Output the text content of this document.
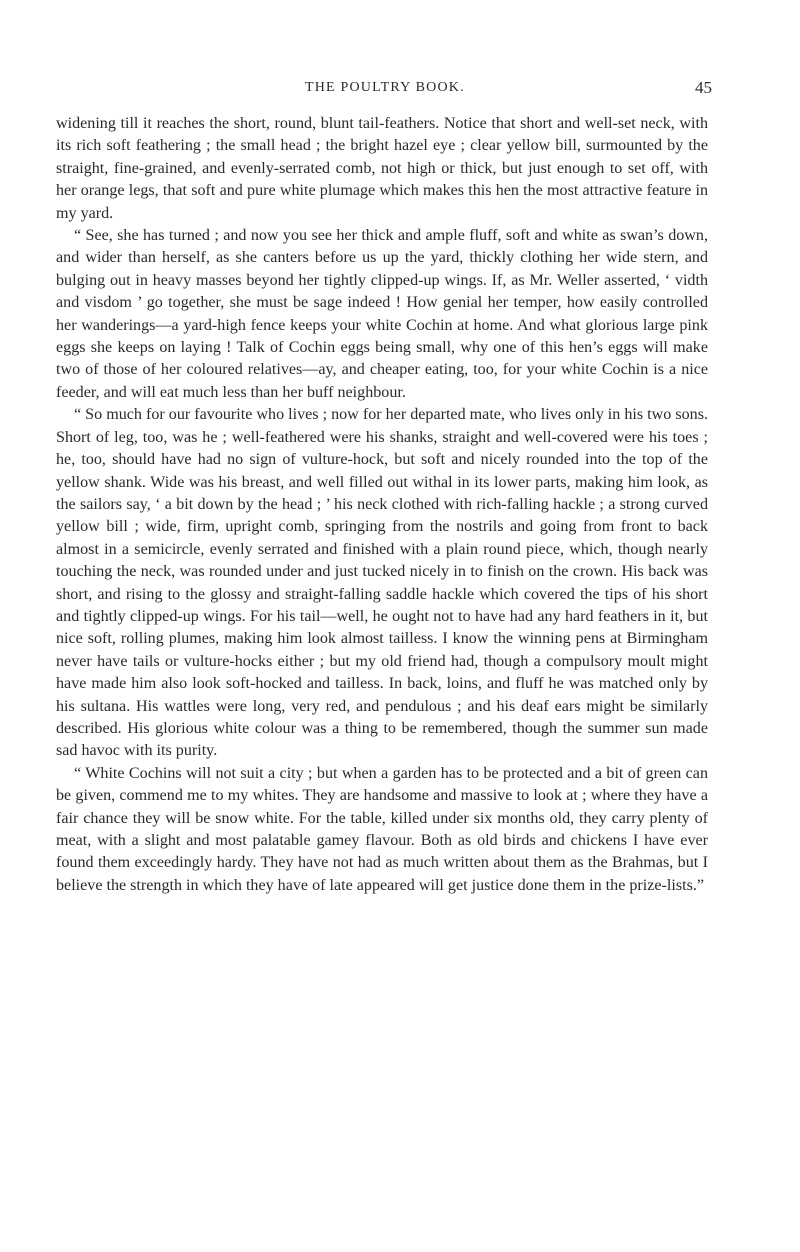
THE POULTRY BOOK.	45

widening till it reaches the short, round, blunt tail-feathers. Notice that short and well-set neck, with its rich soft feathering ; the small head ; the bright hazel eye ; clear yellow bill, surmounted by the straight, fine-grained, and evenly-serrated comb, not high or thick, but just enough to set off, with her orange legs, that soft and pure white plumage which makes this hen the most attractive feature in my yard.

“ See, she has turned ; and now you see her thick and ample fluff, soft and white as swan’s down, and wider than herself, as she canters before us up the yard, thickly clothing her wide stern, and bulging out in heavy masses beyond her tightly clipped-up wings. If, as Mr. Weller asserted, ‘ vidth and visdom ’ go together, she must be sage indeed ! How genial her temper, how easily controlled her wanderings—a yard-high fence keeps your white Cochin at home. And what glorious large pink eggs she keeps on laying ! Talk of Cochin eggs being small, why one of this hen’s eggs will make two of those of her coloured relatives—ay, and cheaper eating, too, for your white Cochin is a nice feeder, and will eat much less than her buff neighbour.

“ So much for our favourite who lives ; now for her departed mate, who lives only in his two sons. Short of leg, too, was he ; well-feathered were his shanks, straight and well-covered were his toes ; he, too, should have had no sign of vulture-hock, but soft and nicely rounded into the top of the yellow shank. Wide was his breast, and well filled out withal in its lower parts, making him look, as the sailors say, ‘ a bit down by the head ; ’ his neck clothed with rich-falling hackle ; a strong curved yellow bill ; wide, firm, upright comb, springing from the nostrils and going from front to back almost in a semicircle, evenly serrated and finished with a plain round piece, which, though nearly touching the neck, was rounded under and just tucked nicely in to finish on the crown. His back was short, and rising to the glossy and straight-falling saddle hackle which covered the tips of his short and tightly clipped-up wings. For his tail—well, he ought not to have had any hard feathers in it, but nice soft, rolling plumes, making him look almost tailless. I know the winning pens at Birmingham never have tails or vulture-hocks either ; but my old friend had, though a compulsory moult might have made him also look soft-hocked and tailless. In back, loins, and fluff he was matched only by his sultana. His wattles were long, very red, and pendulous ; and his deaf ears might be similarly described. His glorious white colour was a thing to be remembered, though the summer sun made sad havoc with its purity.

“ White Cochins will not suit a city ; but when a garden has to be protected and a bit of green can be given, commend me to my whites. They are handsome and massive to look at ; where they have a fair chance they will be snow white. For the table, killed under six months old, they carry plenty of meat, with a slight and most palatable gamey flavour. Both as old birds and chickens I have ever found them exceedingly hardy. They have not had as much written about them as the Brahmas, but I believe the strength in which they have of late appeared will get justice done them in the prize-lists.”
